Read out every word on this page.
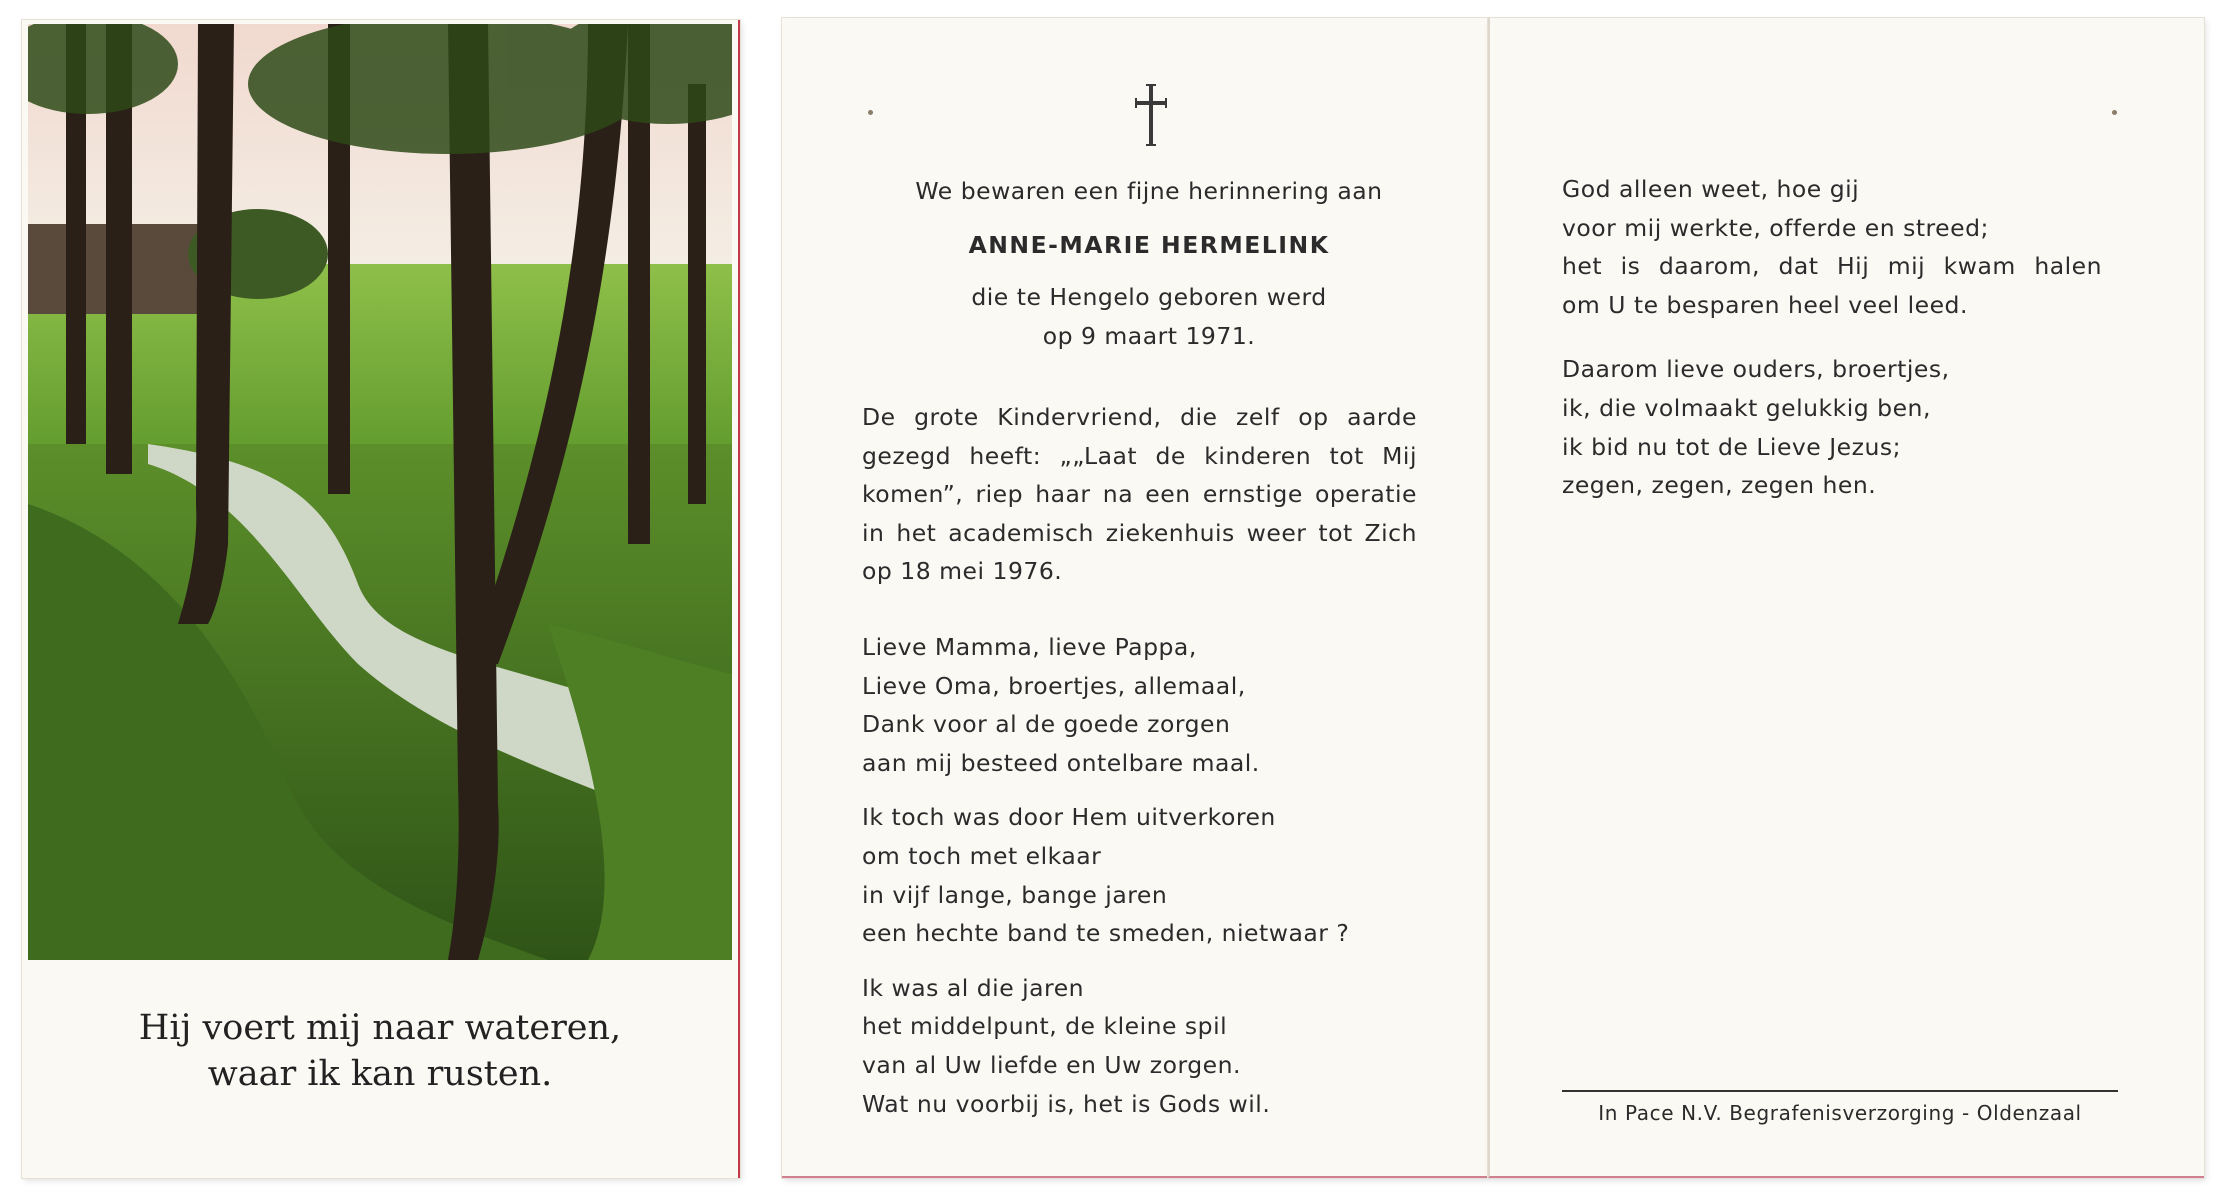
Hij voert mij naar wateren,
waar ik kan rusten.
We bewaren een fijne herinnering aan
ANNE-MARIE HERMELINK
die te Hengelo geboren werd
op 9 maart 1971.
De grote Kindervriend, die zelf op aarde
gezegd heeft: „„Laat de kinderen tot Mij
komen”, riep haar na een ernstige operatie
in het academisch ziekenhuis weer tot Zich
op 18 mei 1976.
Lieve Mamma, lieve Pappa,
Lieve Oma, broertjes, allemaal,
Dank voor al de goede zorgen
aan mij besteed ontelbare maal.
Ik toch was door Hem uitverkoren
om toch met elkaar
in vijf lange, bange jaren
een hechte band te smeden, nietwaar ?
Ik was al die jaren
het middelpunt, de kleine spil
van al Uw liefde en Uw zorgen.
Wat nu voorbij is, het is Gods wil.
God alleen weet, hoe gij
voor mij werkte, offerde en streed;
het is daarom, dat Hij mij kwam halen
om U te besparen heel veel leed.
Daarom lieve ouders, broertjes,
ik, die volmaakt gelukkig ben,
ik bid nu tot de Lieve Jezus;
zegen, zegen, zegen hen.
In Pace N.V. Begrafenisverzorging - Oldenzaal
